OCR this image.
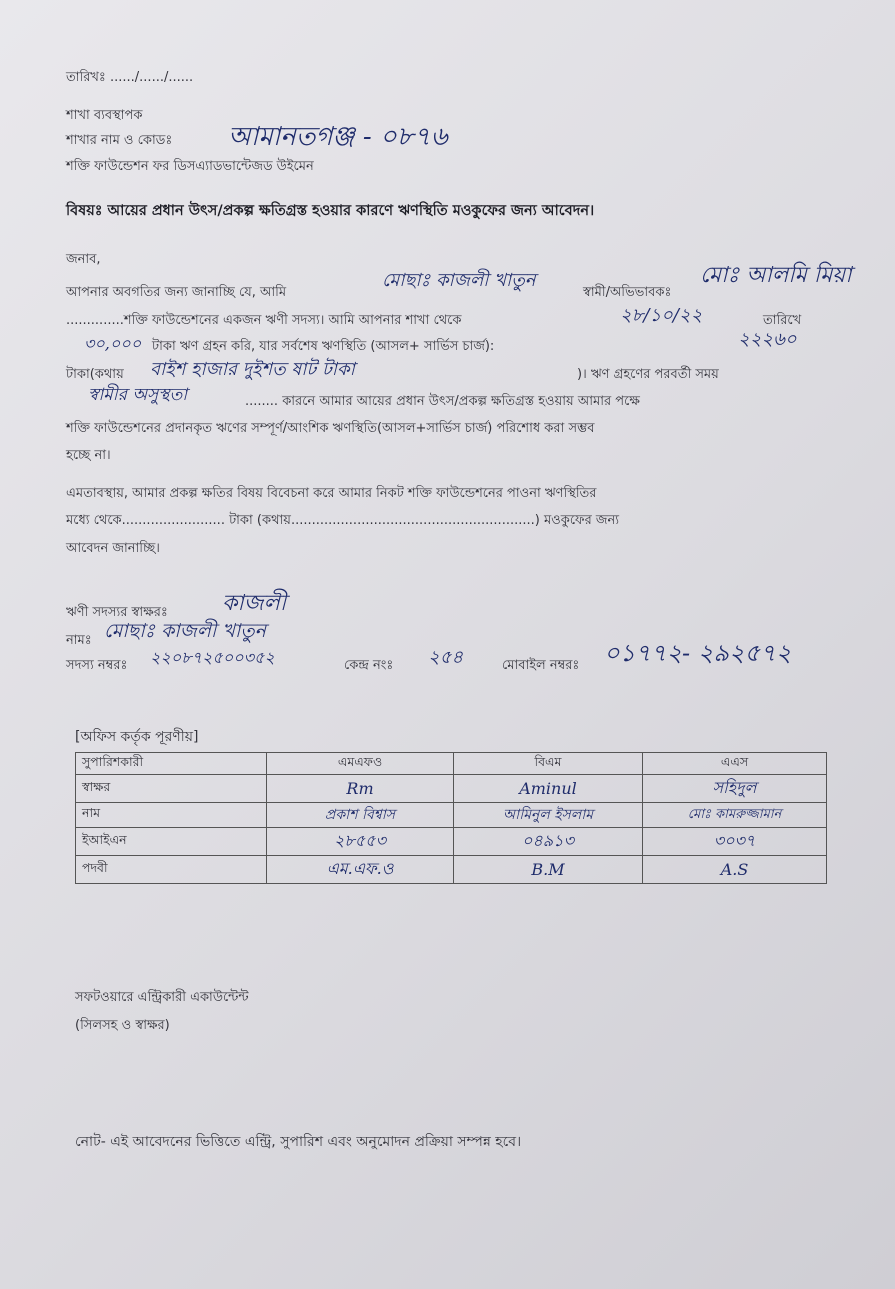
তারিখঃ ....../....../......
শাখা ব্যবস্থাপক
শাখার নাম ও কোডঃ আমানতগঞ্জ - ০৮৭৬
শক্তি ফাউন্ডেশন ফর ডিসএ্যাডভান্টেজড উইমেন
বিষয়ঃ আয়ের প্রধান উৎস/প্রকল্প ক্ষতিগ্রস্ত হওয়ার কারণে ঋণস্থিতি মওকুফের জন্য আবেদন।
জনাব,
আপনার অবগতির জন্য জানাচ্ছি যে, আমি
মোছাঃ কাজলী খাতুন
স্বামী/অভিভাবকঃ
মোঃ আলমি মিয়া
..............শক্তি ফাউন্ডেশনের একজন ঋণী সদস্য। আমি আপনার শাখা থেকে	২৮/১০/২২	তারিখে
৩০,০০০ টাকা ঋণ গ্রহন করি, যার সর্বশেষ ঋণস্থিতি (আসল+ সার্ভিস চার্জ):	২২২৬০
টাকা(কথায় বাইশ হাজার দুইশত ষাট টাকা	)। ঋণ গ্রহণের পরবর্তী সময়
স্বামীর অসুস্থতা	........ কারনে আমার আয়ের প্রধান উৎস/প্রকল্প ক্ষতিগ্রস্ত হওয়ায় আমার পক্ষে
শক্তি ফাউন্ডেশনের প্রদানকৃত ঋণের সম্পূর্ণ/আংশিক ঋণস্থিতি(আসল+সার্ভিস চার্জ) পরিশোধ করা সম্ভব
হচ্ছে না।
এমতাবস্থায়, আমার প্রকল্প ক্ষতির বিষয় বিবেচনা করে আমার নিকট শক্তি ফাউন্ডেশনের পাওনা ঋণস্থিতির
মধ্যে থেকে......................... টাকা (কথায়...........................................................) মওকুফের জন্য
আবেদন জানাচ্ছি।
ঋণী সদস্যর স্বাক্ষরঃ কাজলী
নামঃ মোছাঃ কাজলী খাতুন
সদস্য নম্বরঃ ২২০৮৭২৫০০৩৫২	কেন্দ্র নংঃ ২৫৪	মোবাইল নম্বরঃ ০১৭৭২- ২৯২৫৭২
[অফিস কর্তৃক পূরণীয়]
সুপারিশকারী	এমএফও	বিএম	এএস
স্বাক্ষর	Rm	Aminul	সহিদুল

নাম	প্রকাশ বিশ্বাস	আমিনুল ইসলাম	মোঃ কামরুজ্জামান

ইআইএন	২৮৫৫৩	০৪৯১৩	৩০৩৭

পদবী	এম.এফ.ও	B.M	A.S
সফটওয়ারে এন্ট্রিকারী একাউন্টেন্ট
(সিলসহ ও স্বাক্ষর)
নোট- এই আবেদনের ভিত্তিতে এন্ট্রি, সুপারিশ এবং অনুমোদন প্রক্রিয়া সম্পন্ন হবে।
